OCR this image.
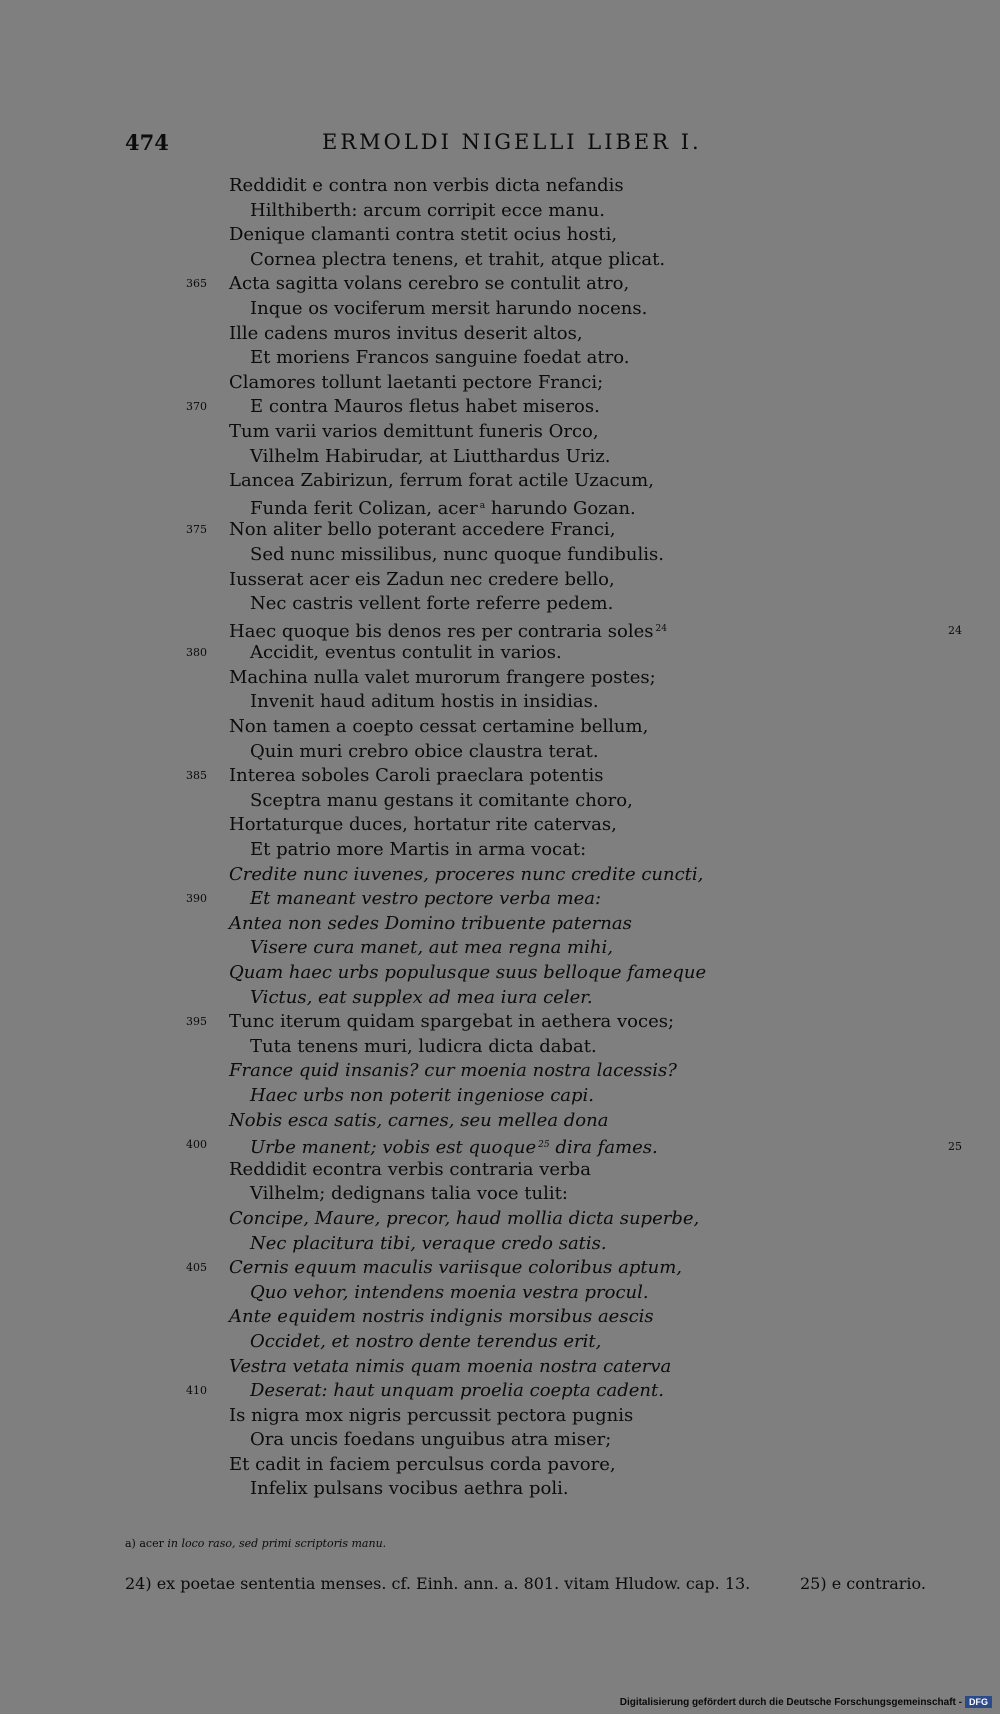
474	ERMOLDI NIGELLI LIBER I.
Reddidit e contra non verbis dicta nefandis
Hilthiberth: arcum corripit ecce manu.
Denique clamanti contra stetit ocius hosti,
Cornea plectra tenens, et trahit, atque plicat.
365	Acta sagitta volans cerebro se contulit atro,
Inque os vociferum mersit harundo nocens.
Ille cadens muros invitus deserit altos,
Et moriens Francos sanguine foedat atro.
Clamores tollunt laetanti pectore Franci;
370	E contra Mauros fletus habet miseros.
Tum varii varios demittunt funeris Orco,
Vilhelm Habirudar, at Liutthardus Uriz.
Lancea Zabirizun, ferrum forat actile Uzacum,
Funda ferit Colizan, acer $^a$ harundo Gozan.
375	Non aliter bello poterant accedere Franci,
Sed nunc missilibus, nunc quoque fundibulis.
Iusserat acer eis Zadun nec credere bello,
Nec castris vellent forte referre pedem.
Haec quoque bis denos res per contraria soles $^{24}$	24
380	Accidit, eventus contulit in varios.
Machina nulla valet murorum frangere postes;
Invenit haud aditum hostis in insidias.
Non tamen a coepto cessat certamine bellum,
Quin muri crebro obice claustra terat.
385	Interea soboles Caroli praeclara potentis
Sceptra manu gestans it comitante choro,
Hortaturque duces, hortatur rite catervas,
Et patrio more Martis in arma vocat:
Credite nunc iuvenes, proceres nunc credite cuncti,
390	Et maneant vestro pectore verba mea:
Antea non sedes Domino tribuente paternas
Visere cura manet, aut mea regna mihi,
Quam haec urbs populusque suus belloque fameque
Victus, eat supplex ad mea iura celer.
395	Tunc iterum quidam spargebat in aethera voces;
Tuta tenens muri, ludicra dicta dabat.
France quid insanis? cur moenia nostra lacessis?
Haec urbs non poterit ingeniose capi.
Nobis esca satis, carnes, seu mellea dona
400	Urbe manent; vobis est quoque $^{25}$ dira fames.	25
Reddidit econtra verbis contraria verba
Vilhelm; dedignans talia voce tulit:
Concipe, Maure, precor, haud mollia dicta superbe,
Nec placitura tibi, veraque credo satis.
405	Cernis equum maculis variisque coloribus aptum,
Quo vehor, intendens moenia vestra procul.
Ante equidem nostris indignis morsibus aescis
Occidet, et nostro dente terendus erit,
Vestra vetata nimis quam moenia nostra caterva
410	Deserat: haut unquam proelia coepta cadent.
Is nigra mox nigris percussit pectora pugnis
Ora uncis foedans unguibus atra miser;
Et cadit in faciem perculsus corda pavore,
Infelix pulsans vocibus aethra poli.
a) acer in loco raso, sed primi scriptoris manu.
24) ex poetae sententia menses. cf. Einh. ann. a. 801. vitam Hludow. cap. 13.	25) e contrario.
Digitalisierung gefördert durch die Deutsche Forschungsgemeinschaft - DFG
